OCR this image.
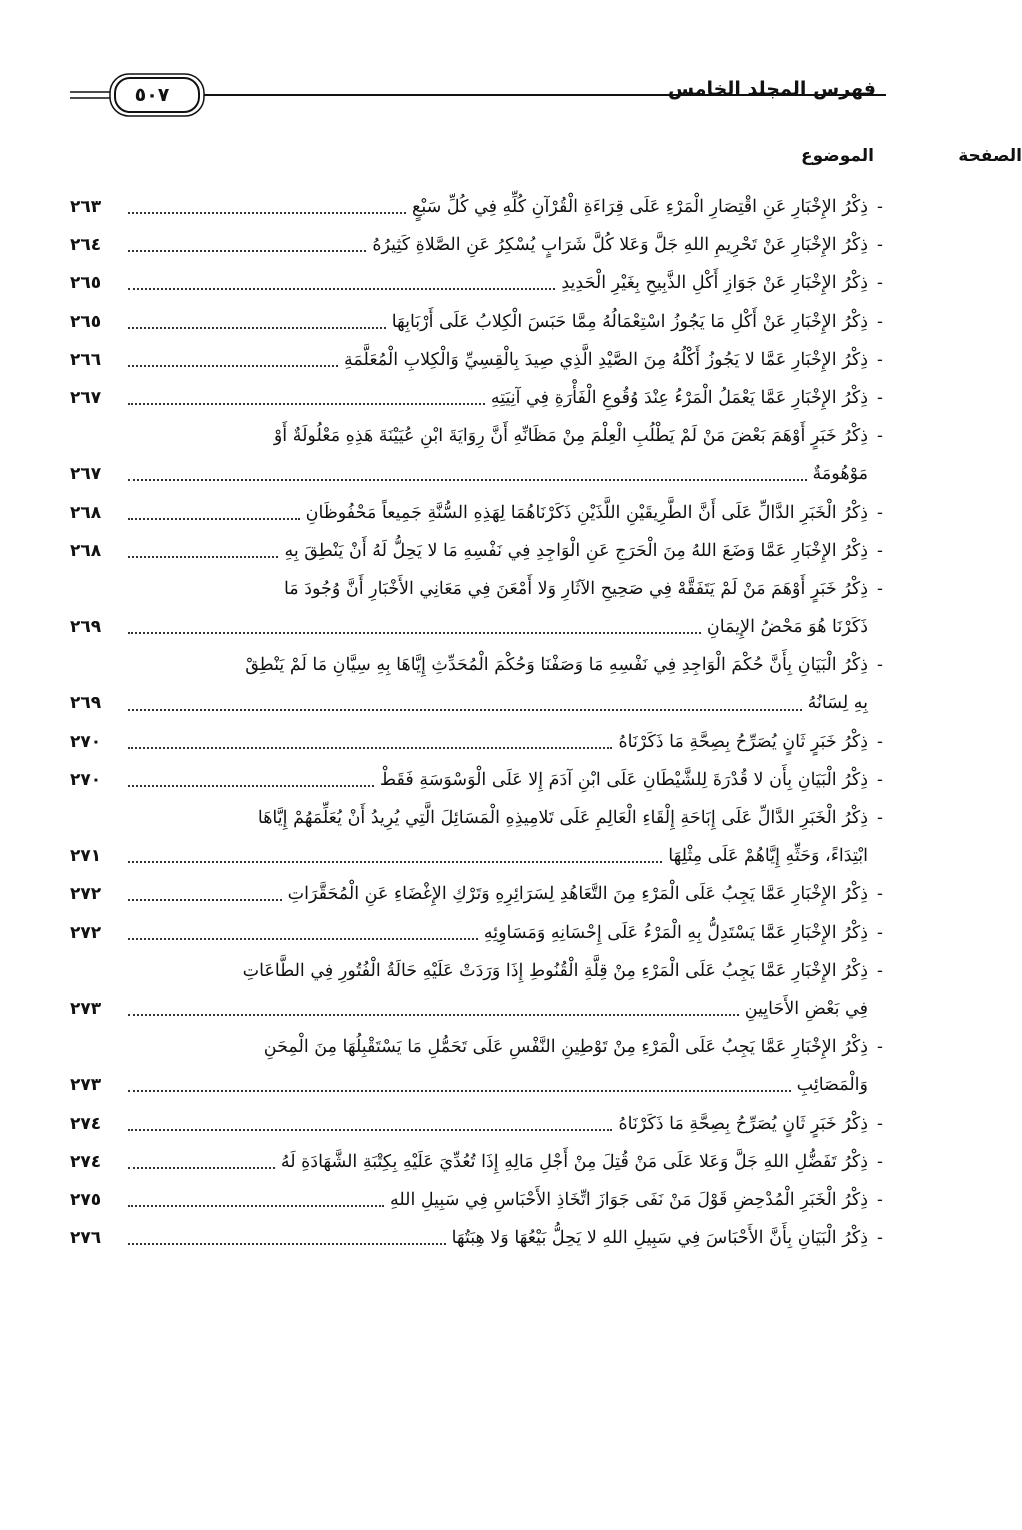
فهرس المجلد الخامس
٥٠٧
الموضوع	الصفحة
-
ذِكْرُ الإِخْبَارِ عَنِ اقْتِصَارِ الْمَرْءِ عَلَى قِرَاءَةِ الْقُرْآنِ كُلِّهِ فِي كُلِّ سَبْعٍ
٢٦٣
-
ذِكْرُ الإِخْبَارِ عَنْ تَحْرِيمِ اللهِ جَلَّ وَعَلا كُلَّ شَرَابٍ يُسْكِرُ عَنِ الصَّلاةِ كَثِيرُهُ
٢٦٤
-
ذِكْرُ الإِخْبَارِ عَنْ جَوَازِ أَكْلِ الذَّبِيحِ بِغَيْرِ الْحَدِيدِ
٢٦٥
-
ذِكْرُ الإِخْبَارِ عَنْ أَكْلِ مَا يَجُوزُ اسْتِعْمَالُهُ مِمَّا حَبَسَ الْكِلابُ عَلَى أَرْبَابِهَا
٢٦٥
-
ذِكْرُ الإِخْبَارِ عَمَّا لا يَجُوزُ أَكْلُهُ مِنَ الصَّيْدِ الَّذِي صِيدَ بِالْقِسِيِّ وَالْكِلابِ الْمُعَلَّمَةِ
٢٦٦
-
ذِكْرُ الإِخْبَارِ عَمَّا يَعْمَلُ الْمَرْءُ عِنْدَ وُقُوعِ الْفَأْرَةِ فِي آنِيَتِهِ
٢٦٧
-
ذِكْرُ خَبَرٍ أَوْهَمَ بَعْضَ مَنْ لَمْ يَطْلُبِ الْعِلْمَ مِنْ مَظَانِّهِ أَنَّ رِوَايَةَ ابْنِ عُيَيْنَةَ هَذِهِ مَعْلُولَةٌ أَوْ
مَوْهُومَةٌ
٢٦٧
-
ذِكْرُ الْخَبَرِ الدَّالِّ عَلَى أَنَّ الطَّرِيقَيْنِ اللَّذَيْنِ ذَكَرْنَاهُمَا لِهَذِهِ السُّنَّةِ جَمِيعاً مَحْفُوظَانِ
٢٦٨
-
ذِكْرُ الإِخْبَارِ عَمَّا وَضَعَ اللهُ مِنَ الْحَرَجِ عَنِ الْوَاجِدِ فِي نَفْسِهِ مَا لا يَحِلُّ لَهُ أَنْ يَنْطِقَ بِهِ
٢٦٨
-
ذِكْرُ خَبَرٍ أَوْهَمَ مَنْ لَمْ يَتَفَقَّهْ فِي صَحِيحِ الآثَارِ وَلا أَمْعَنَ فِي مَعَانِي الأَخْبَارِ أَنَّ وُجُودَ مَا
ذَكَرْنَا هُوَ مَحْضُ الإِيمَانِ
٢٦٩
-
ذِكْرُ الْبَيَانِ بِأَنَّ حُكْمَ الْوَاجِدِ فِي نَفْسِهِ مَا وَصَفْنَا وَحُكْمَ الْمُحَدِّثِ إِيَّاهَا بِهِ سِيَّانِ مَا لَمْ يَنْطِقْ
بِهِ لِسَانُهُ
٢٦٩
-
ذِكْرُ خَبَرٍ ثَانٍ يُصَرِّحُ بِصِحَّةِ مَا ذَكَرْنَاهُ
٢٧٠
-
ذِكْرُ الْبَيَانِ بِأَن لا قُدْرَةَ لِلشَّيْطَانِ عَلَى ابْنِ آدَمَ إِلا عَلَى الْوَسْوَسَةِ فَقَطْ
٢٧٠
-
ذِكْرُ الْخَبَرِ الدَّالِّ عَلَى إِبَاحَةِ إِلْقَاءِ الْعَالِمِ عَلَى تَلامِيذِهِ الْمَسَائِلَ الَّتِي يُرِيدُ أَنْ يُعَلِّمَهُمْ إِيَّاهَا
ابْتِدَاءً، وَحَثِّهِ إِيَّاهُمْ عَلَى مِثْلِهَا
٢٧١
-
ذِكْرُ الإِخْبَارِ عَمَّا يَجِبُ عَلَى الْمَرْءِ مِنَ التَّعَاهُدِ لِسَرَائِرِهِ وَتَرْكِ الإِغْضَاءِ عَنِ الْمُحَقَّرَاتِ
٢٧٢
-
ذِكْرُ الإِخْبَارِ عَمَّا يَسْتَدِلُّ بِهِ الْمَرْءُ عَلَى إِحْسَانِهِ وَمَسَاوِئِهِ
٢٧٢
-
ذِكْرُ الإِخْبَارِ عَمَّا يَجِبُ عَلَى الْمَرْءِ مِنْ قِلَّةِ الْقُنُوطِ إِذَا وَرَدَتْ عَلَيْهِ حَالَةُ الْفُتُورِ فِي الطَّاعَاتِ
فِي بَعْضِ الأَحَايِينِ
٢٧٣
-
ذِكْرُ الإِخْبَارِ عَمَّا يَجِبُ عَلَى الْمَرْءِ مِنْ تَوْطِينِ النَّفْسِ عَلَى تَحَمُّلِ مَا يَسْتَقْبِلُهَا مِنَ الْمِحَنِ
وَالْمَصَائِبِ
٢٧٣
-
ذِكْرُ خَبَرٍ ثَانٍ يُصَرِّحُ بِصِحَّةِ مَا ذَكَرْنَاهُ
٢٧٤
-
ذِكْرُ تَفَضُّلِ اللهِ جَلَّ وَعَلا عَلَى مَنْ قُتِلَ مِنْ أَجْلِ مَالِهِ إِذَا تُعُدِّيَ عَلَيْهِ بِكِتْبَةِ الشَّهَادَةِ لَهُ
٢٧٤
-
ذِكْرُ الْخَبَرِ الْمُدْحِضِ قَوْلَ مَنْ نَفَى جَوَازَ اتِّخَاذِ الأَحْبَاسِ فِي سَبِيلِ اللهِ
٢٧٥
-
ذِكْرُ الْبَيَانِ بِأَنَّ الأَحْبَاسَ فِي سَبِيلِ اللهِ لا يَحِلُّ بَيْعُهَا وَلا هِبَتُهَا
٢٧٦
